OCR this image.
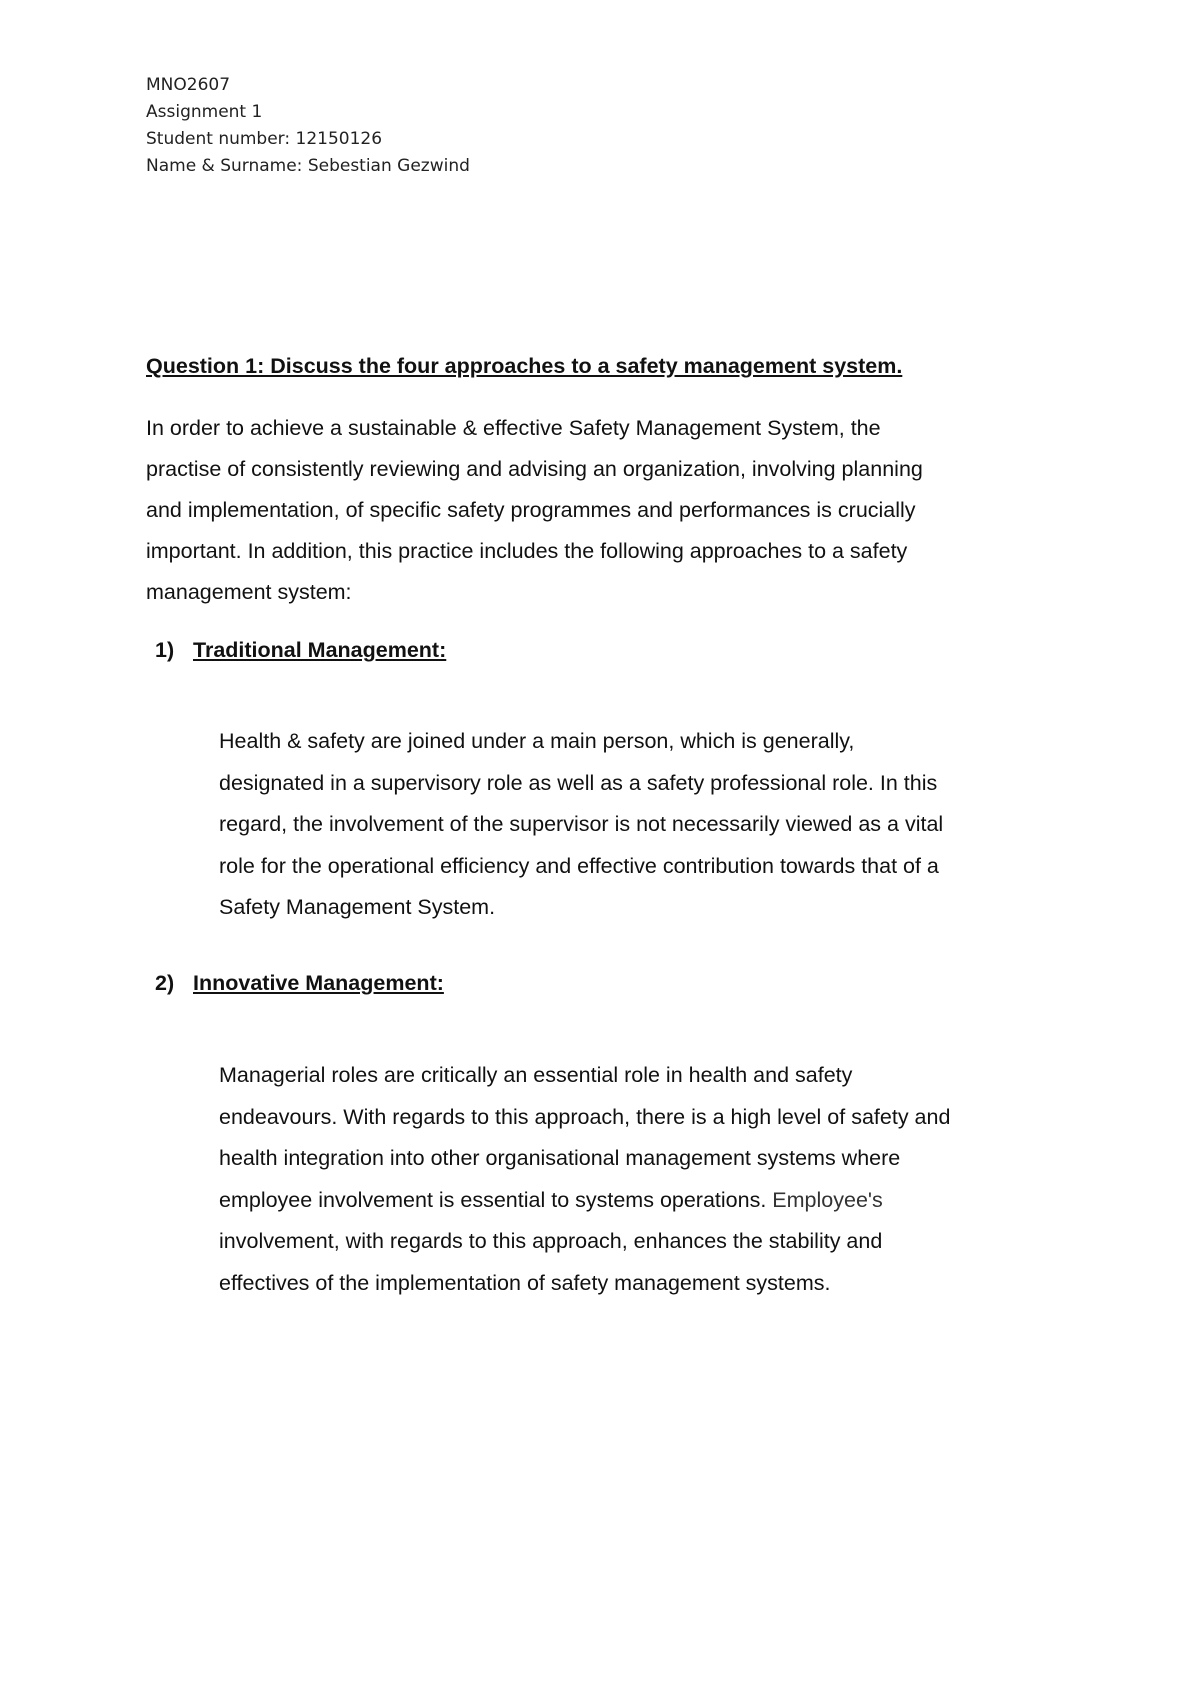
MNO2607
Assignment 1
Student number: 12150126
Name & Surname: Sebestian Gezwind
Question 1: Discuss the four approaches to a safety management system.
In order to achieve a sustainable & effective Safety Management System, the
practise of consistently reviewing and advising an organization, involving planning
and implementation, of specific safety programmes and performances is crucially
important. In addition, this practice includes the following approaches to a safety
management system:
1) Traditional Management:
Health & safety are joined under a main person, which is generally,
designated in a supervisory role as well as a safety professional role. In this
regard, the involvement of the supervisor is not necessarily viewed as a vital
role for the operational efficiency and effective contribution towards that of a
Safety Management System.
2) Innovative Management:
Managerial roles are critically an essential role in health and safety
endeavours. With regards to this approach, there is a high level of safety and
health integration into other organisational management systems where
employee involvement is essential to systems operations. Employee's
involvement, with regards to this approach, enhances the stability and
effectives of the implementation of safety management systems.
